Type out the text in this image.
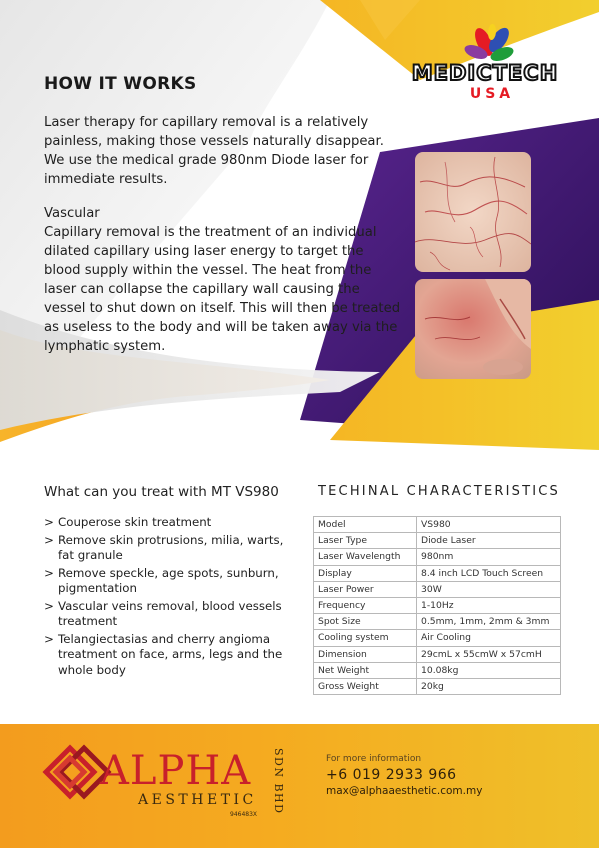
HOW IT WORKS
Laser therapy for capillary removal is a relatively painless, making those vessels naturally disappear. We use the medical grade 980nm Diode laser for immediate results.
Vascular
Capillary removal is the treatment of an individual dilated capillary using laser energy to target the blood supply within the vessel. The heat from the laser can collapse the capillary wall causing the vessel to shut down on itself. This will then be treated as useless to the body and will be taken away via the lymphatic system.
MEDICTECH
USA
What can you treat with MT VS980
> Couperose skin treatment
> Remove skin protrusions, milia, warts, fat granule
> Remove speckle, age spots, sunburn, pigmentation
> Vascular veins removal, blood vessels treatment
> Telangiectasias and cherry angioma treatment on face, arms, legs and the whole body
TECHINAL CHARACTERISTICS
Model	VS980
Laser Type	Diode Laser
Laser Wavelength	980nm
Display	8.4 inch LCD Touch Screen
Laser Power	30W
Frequency	1-10Hz
Spot Size	0.5mm, 1mm, 2mm & 3mm
Cooling system	Air Cooling
Dimension	29cmL x 55cmW x 57cmH
Net Weight	10.08kg
Gross Weight	20kg
ALPHA
AESTHETIC
946483X
SDN BHD	For more information
+6 019 2933 966
max@alphaaesthetic.com.my
